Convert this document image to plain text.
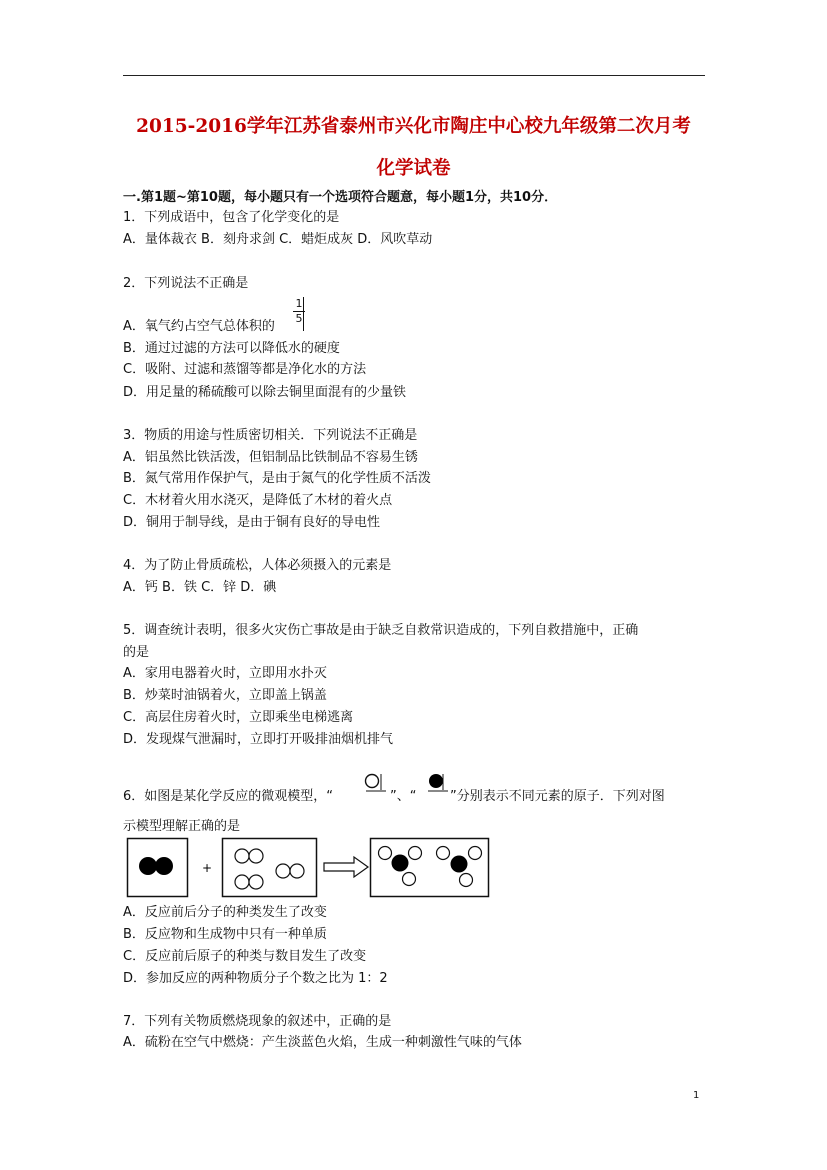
2015-2016学年江苏省泰州市兴化市陶庄中心校九年级第二次月考
化学试卷
一.第1题~第10题，每小题只有一个选项符合题意，每小题1分，共10分．
1．下列成语中，包含了化学变化的是
A．量体裁衣 B．刻舟求剑 C．蜡炬成灰 D．风吹草动
2．下列说法不正确是
A．氧气约占空气总体积的
$\frac{1}{5}$
B．通过过滤的方法可以降低水的硬度
C．吸附、过滤和蒸馏等都是净化水的方法
D．用足量的稀硫酸可以除去铜里面混有的少量铁
3．物质的用途与性质密切相关．下列说法不正确是
A．铝虽然比铁活泼，但铝制品比铁制品不容易生锈
B．氮气常用作保护气，是由于氮气的化学性质不活泼
C．木材着火用水浇灭，是降低了木材的着火点
D．铜用于制导线，是由于铜有良好的导电性
4．为了防止骨质疏松，人体必须摄入的元素是
A．钙 B．铁 C．锌 D．碘
5．调查统计表明，很多火灾伤亡事故是由于缺乏自救常识造成的，下列自救措施中，正确
的是
A．家用电器着火时，立即用水扑灭
B．炒菜时油锅着火，立即盖上锅盖
C．高层住房着火时，立即乘坐电梯逃离
D．发现煤气泄漏时，立即打开吸排油烟机排气
6．如图是某化学反应的微观模型，“	”、“	”分别表示不同元素的原子．下列对图
示模型理解正确的是
+
A．反应前后分子的种类发生了改变
B．反应物和生成物中只有一种单质
C．反应前后原子的种类与数目发生了改变
D．参加反应的两种物质分子个数之比为 1：2
7．下列有关物质燃烧现象的叙述中，正确的是
A．硫粉在空气中燃烧：产生淡蓝色火焰，生成一种刺激性气味的气体
1
